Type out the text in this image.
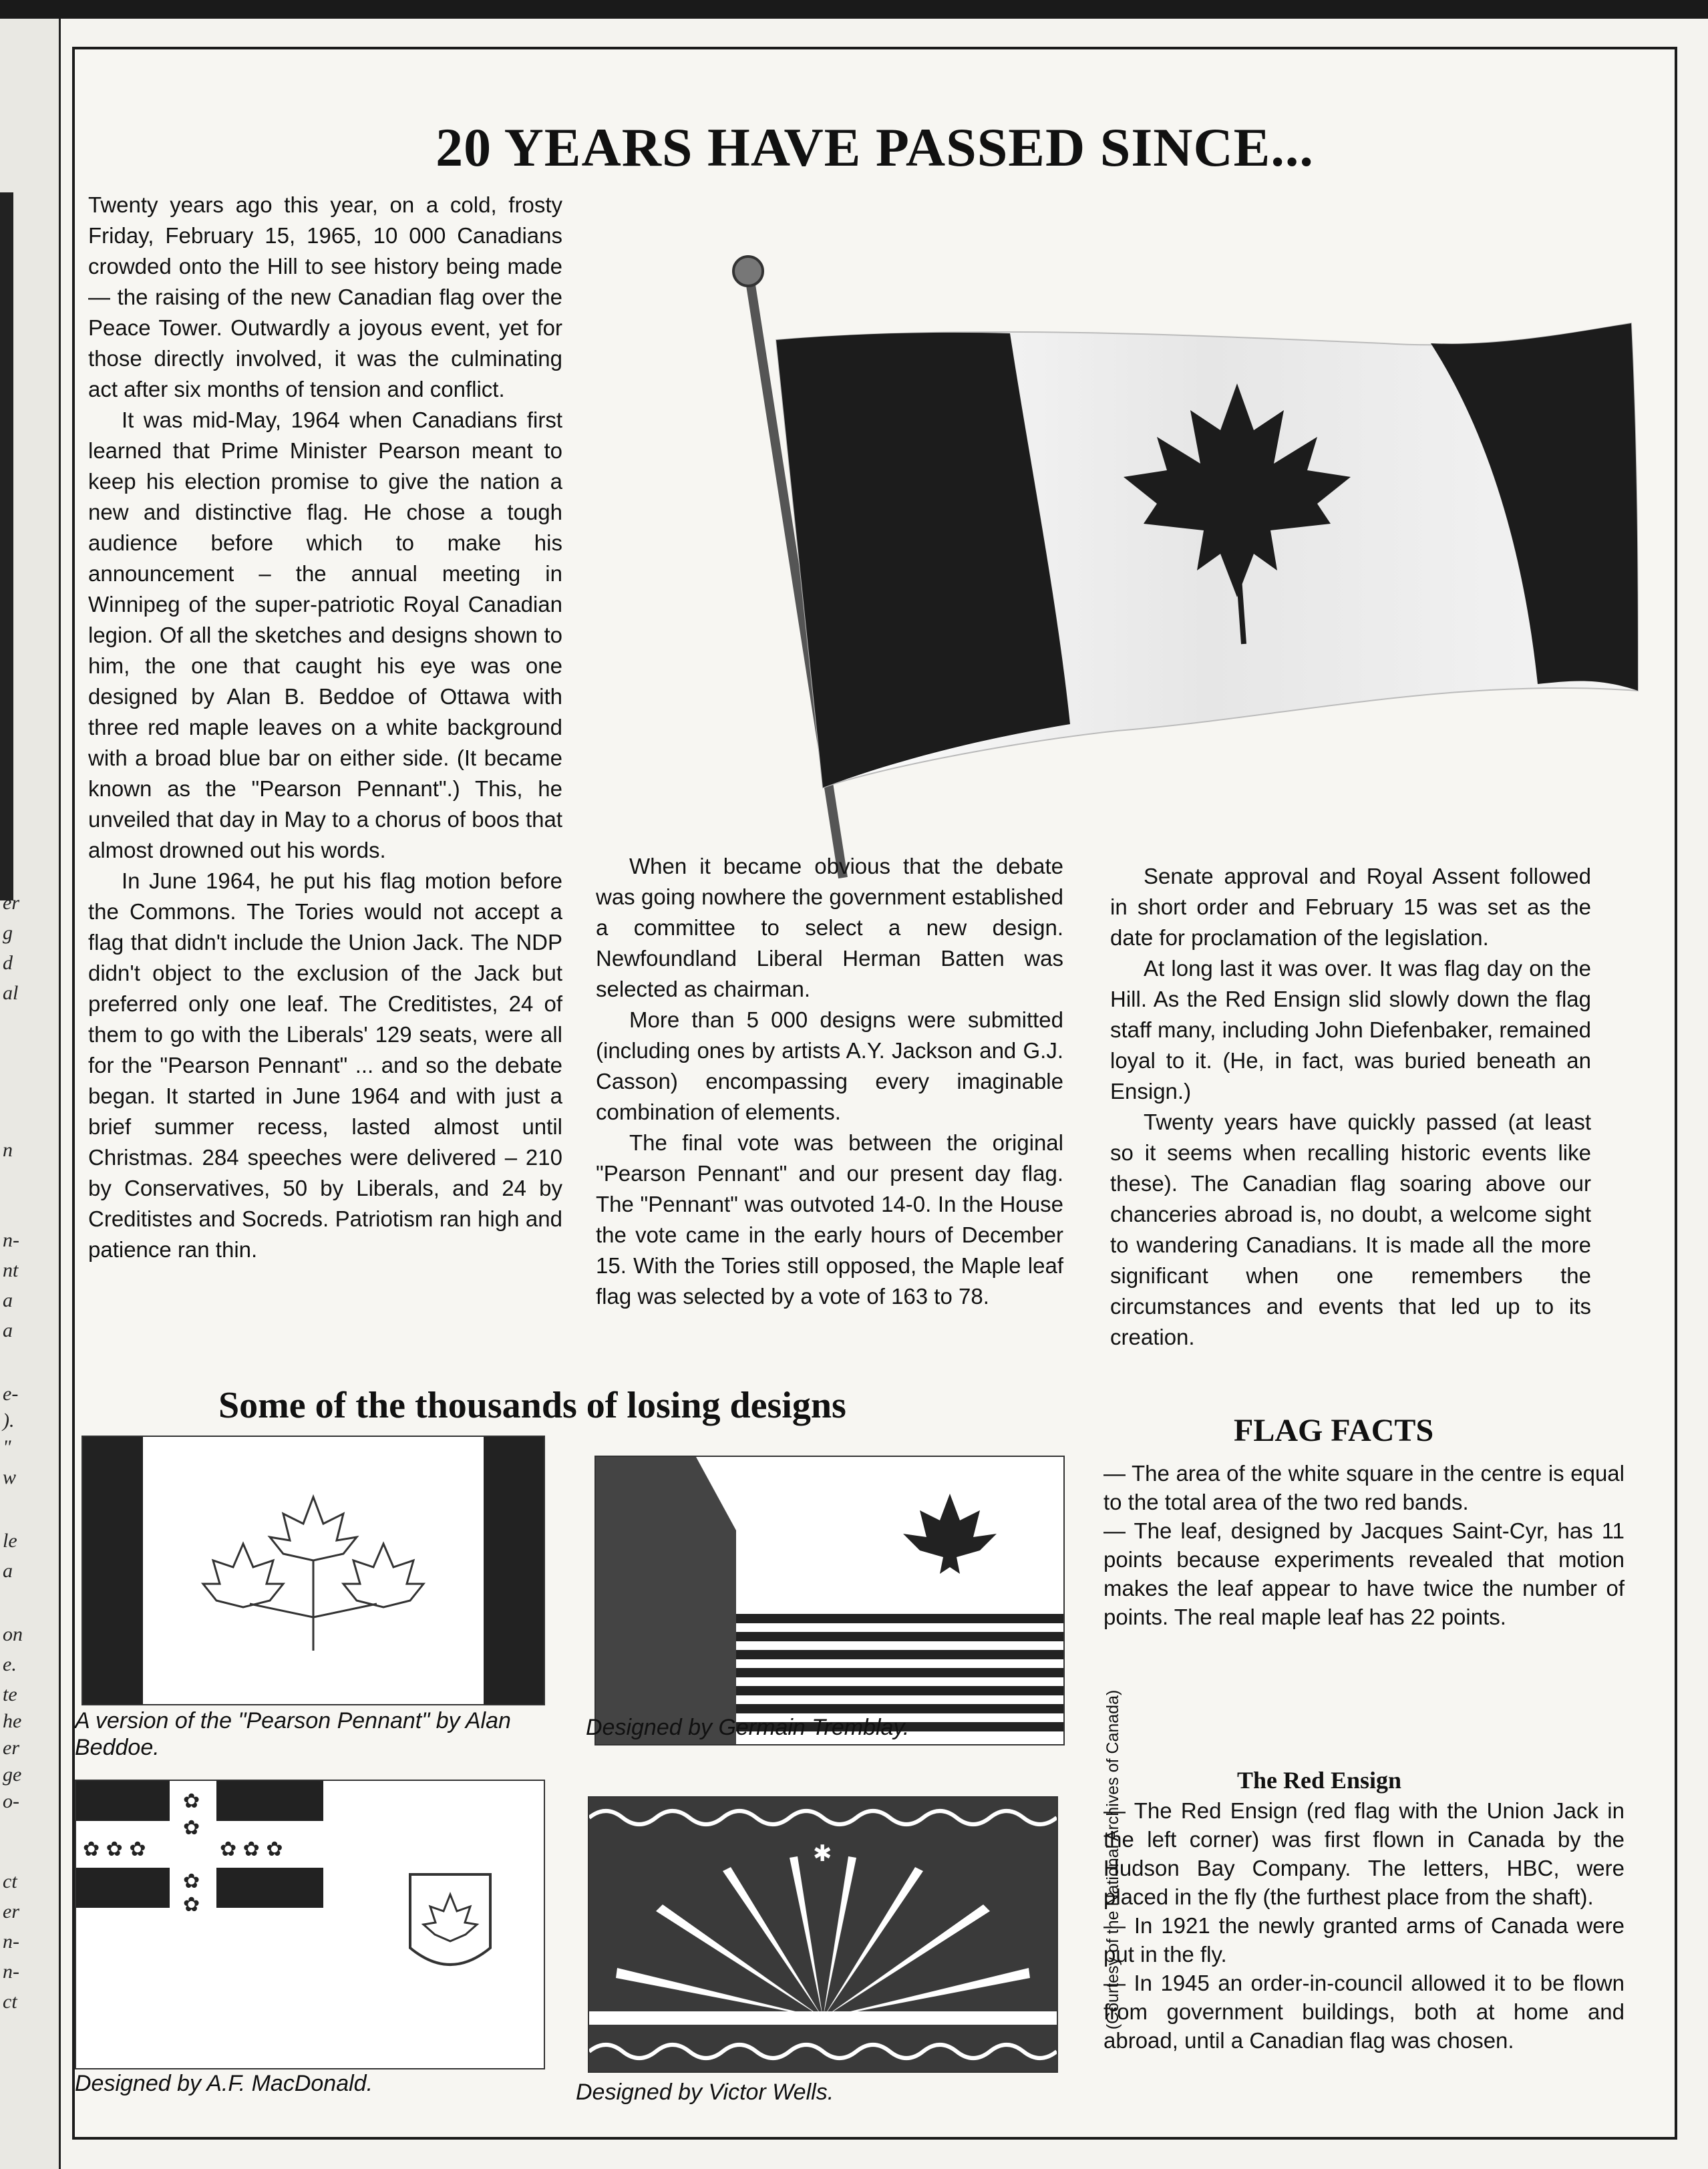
er
g
d
al
n
n-
nt
a
a
e-
).
"
w
le
a
on
e.
te
he
er
ge
o-
ct
er
n-
n-
ct
20 YEARS HAVE PASSED SINCE...

Twenty years ago this year, on a cold, frosty Friday, February 15, 1965, 10 000 Canadians crowded onto the Hill to see history being made — the raising of the new Canadian flag over the Peace Tower. Outwardly a joyous event, yet for those directly involved, it was the culminating act after six months of tension and conflict.

It was mid-May, 1964 when Canadians first learned that Prime Minister Pearson meant to keep his election promise to give the nation a new and distinctive flag. He chose a tough audience before which to make his announcement – the annual meeting in Winnipeg of the super-patriotic Royal Canadian legion. Of all the sketches and designs shown to him, the one that caught his eye was one designed by Alan B. Beddoe of Ottawa with three red maple leaves on a white background with a broad blue bar on either side. (It became known as the "Pearson Pennant".) This, he unveiled that day in May to a chorus of boos that almost drowned out his words.

In June 1964, he put his flag motion before the Commons. The Tories would not accept a flag that didn't include the Union Jack. The NDP didn't object to the exclusion of the Jack but preferred only one leaf. The Creditistes, 24 of them to go with the Liberals' 129 seats, were all for the "Pearson Pennant" ... and so the debate began. It started in June 1964 and with just a brief summer recess, lasted almost until Christmas. 284 speeches were delivered – 210 by Conservatives, 50 by Liberals, and 24 by Creditistes and Socreds. Patriotism ran high and patience ran thin.

When it became obvious that the debate was going nowhere the government established a committee to select a new design. Newfoundland Liberal Herman Batten was selected as chairman.

More than 5 000 designs were submitted (including ones by artists A.Y. Jackson and G.J. Casson) encompassing every imaginable combination of elements.

The final vote was between the original "Pearson Pennant" and our present day flag. The "Pennant" was outvoted 14-0. In the House the vote came in the early hours of December 15. With the Tories still opposed, the Maple leaf flag was selected by a vote of 163 to 78.

Senate approval and Royal Assent followed in short order and February 15 was set as the date for proclamation of the legislation.

At long last it was over. It was flag day on the Hill. As the Red Ensign slid slowly down the flag staff many, including John Diefenbaker, remained loyal to it. (He, in fact, was buried beneath an Ensign.)

Twenty years have quickly passed (at least so it seems when recalling historic events like these). The Canadian flag soaring above our chanceries abroad is, no doubt, a welcome sight to wandering Canadians. It is made all the more significant when one remembers the circumstances and events that led up to its creation.

Some of the thousands of losing designs
A version of the "Pearson Pennant" by Alan Beddoe.
Designed by Germain Tremblay.
✿ ✿ ✿	✿ ✿ ✿
✿
✿
✿
✿
Designed by A.F. MacDonald.
✱
Designed by Victor Wells.
(Courtesy of the National Archives of Canada)
FLAG FACTS

— The area of the white square in the centre is equal to the total area of the two red bands.

— The leaf, designed by Jacques Saint-Cyr, has 11 points because experiments revealed that motion makes the leaf appear to have twice the number of points. The real maple leaf has 22 points.

The Red Ensign

— The Red Ensign (red flag with the Union Jack in the left corner) was first flown in Canada by the Hudson Bay Company. The letters, HBC, were placed in the fly (the furthest place from the shaft).

— In 1921 the newly granted arms of Canada were put in the fly.

— In 1945 an order-in-council allowed it to be flown from government buildings, both at home and abroad, until a Canadian flag was chosen.
